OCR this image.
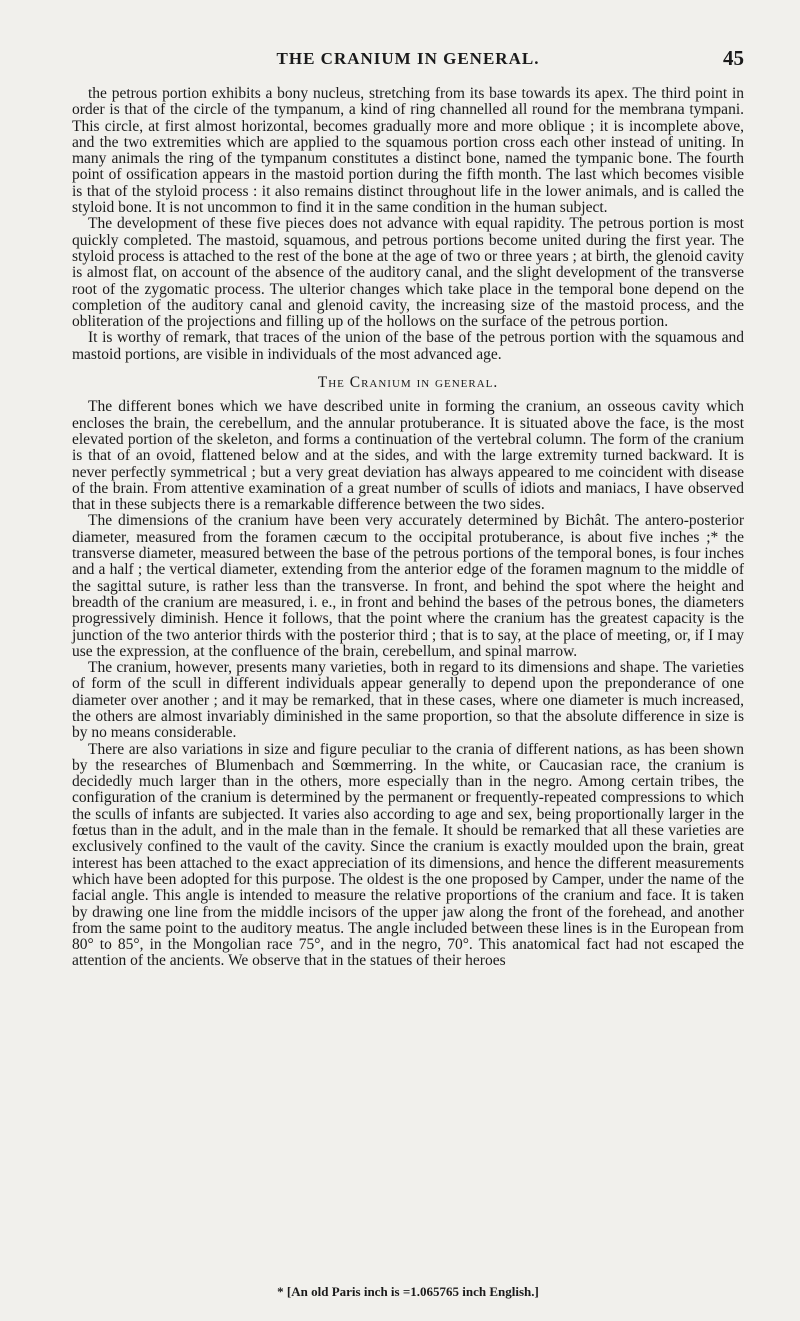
THE CRANIUM IN GENERAL.	45

the petrous portion exhibits a bony nucleus, stretching from its base towards its apex. The third point in order is that of the circle of the tympanum, a kind of ring channelled all round for the membrana tympani. This circle, at first almost horizontal, becomes gradually more and more oblique ; it is incomplete above, and the two extremities which are applied to the squamous portion cross each other instead of uniting. In many animals the ring of the tympanum constitutes a distinct bone, named the tympanic bone. The fourth point of ossification appears in the mastoid portion during the fifth month. The last which becomes visible is that of the styloid process : it also remains distinct throughout life in the lower animals, and is called the styloid bone. It is not uncommon to find it in the same condition in the human subject.

The development of these five pieces does not advance with equal rapidity. The petrous portion is most quickly completed. The mastoid, squamous, and petrous portions become united during the first year. The styloid process is attached to the rest of the bone at the age of two or three years ; at birth, the glenoid cavity is almost flat, on account of the absence of the auditory canal, and the slight development of the transverse root of the zygomatic process. The ulterior changes which take place in the temporal bone depend on the completion of the auditory canal and glenoid cavity, the increasing size of the mastoid process, and the obliteration of the projections and filling up of the hollows on the surface of the petrous portion.

It is worthy of remark, that traces of the union of the base of the petrous portion with the squamous and mastoid portions, are visible in individuals of the most advanced age.

The Cranium in general.

The different bones which we have described unite in forming the cranium, an osseous cavity which encloses the brain, the cerebellum, and the annular protuberance. It is situated above the face, is the most elevated portion of the skeleton, and forms a continuation of the vertebral column. The form of the cranium is that of an ovoid, flattened below and at the sides, and with the large extremity turned backward. It is never perfectly symmetrical ; but a very great deviation has always appeared to me coincident with disease of the brain. From attentive examination of a great number of sculls of idiots and maniacs, I have observed that in these subjects there is a remarkable difference between the two sides.

The dimensions of the cranium have been very accurately determined by Bichât. The antero-posterior diameter, measured from the foramen cæcum to the occipital protuberance, is about five inches ;* the transverse diameter, measured between the base of the petrous portions of the temporal bones, is four inches and a half ; the vertical diameter, extending from the anterior edge of the foramen magnum to the middle of the sagittal suture, is rather less than the transverse. In front, and behind the spot where the height and breadth of the cranium are measured, i. e., in front and behind the bases of the petrous bones, the diameters progressively diminish. Hence it follows, that the point where the cranium has the greatest capacity is the junction of the two anterior thirds with the posterior third ; that is to say, at the place of meeting, or, if I may use the expression, at the confluence of the brain, cerebellum, and spinal marrow.

The cranium, however, presents many varieties, both in regard to its dimensions and shape. The varieties of form of the scull in different individuals appear generally to depend upon the preponderance of one diameter over another ; and it may be remarked, that in these cases, where one diameter is much increased, the others are almost invariably diminished in the same proportion, so that the absolute difference in size is by no means considerable.

There are also variations in size and figure peculiar to the crania of different nations, as has been shown by the researches of Blumenbach and Sœmmerring. In the white, or Caucasian race, the cranium is decidedly much larger than in the others, more especially than in the negro. Among certain tribes, the configuration of the cranium is determined by the permanent or frequently-repeated compressions to which the sculls of infants are subjected. It varies also according to age and sex, being proportionally larger in the fœtus than in the adult, and in the male than in the female. It should be remarked that all these varieties are exclusively confined to the vault of the cavity. Since the cranium is exactly moulded upon the brain, great interest has been attached to the exact appreciation of its dimensions, and hence the different measurements which have been adopted for this purpose. The oldest is the one proposed by Camper, under the name of the facial angle. This angle is intended to measure the relative proportions of the cranium and face. It is taken by drawing one line from the middle incisors of the upper jaw along the front of the forehead, and another from the same point to the auditory meatus. The angle included between these lines is in the European from 80° to 85°, in the Mongolian race 75°, and in the negro, 70°. This anatomical fact had not escaped the attention of the ancients. We observe that in the statues of their heroes

* [An old Paris inch is =1.065765 inch English.]
